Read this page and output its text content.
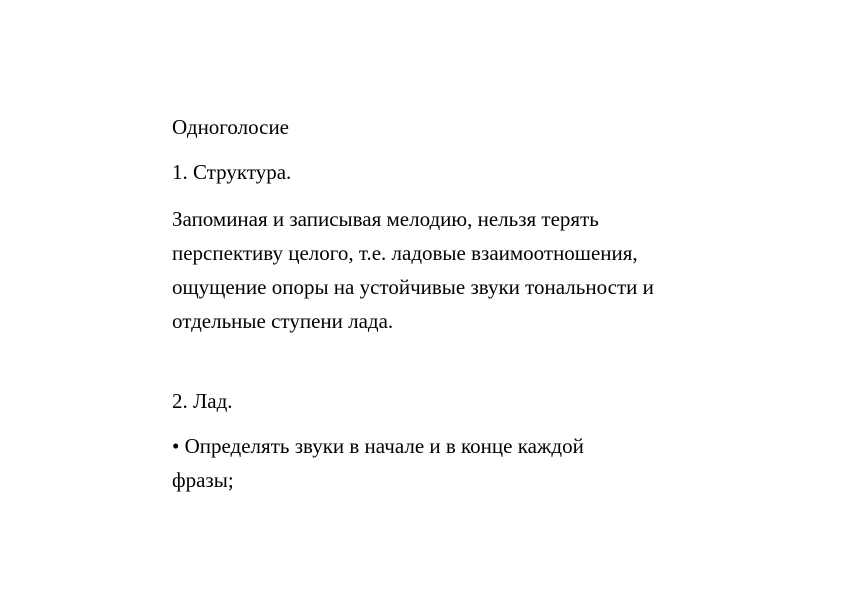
Одноголосие

1. Структура.

Запоминая и записывая мелодию, нельзя терять
перспективу целого, т.е. ладовые взаимоотношения,
ощущение опоры на устойчивые звуки тональности и
отдельные ступени лада.

2. Лад.

• Определять звуки в начале и в конце каждой
фразы;
